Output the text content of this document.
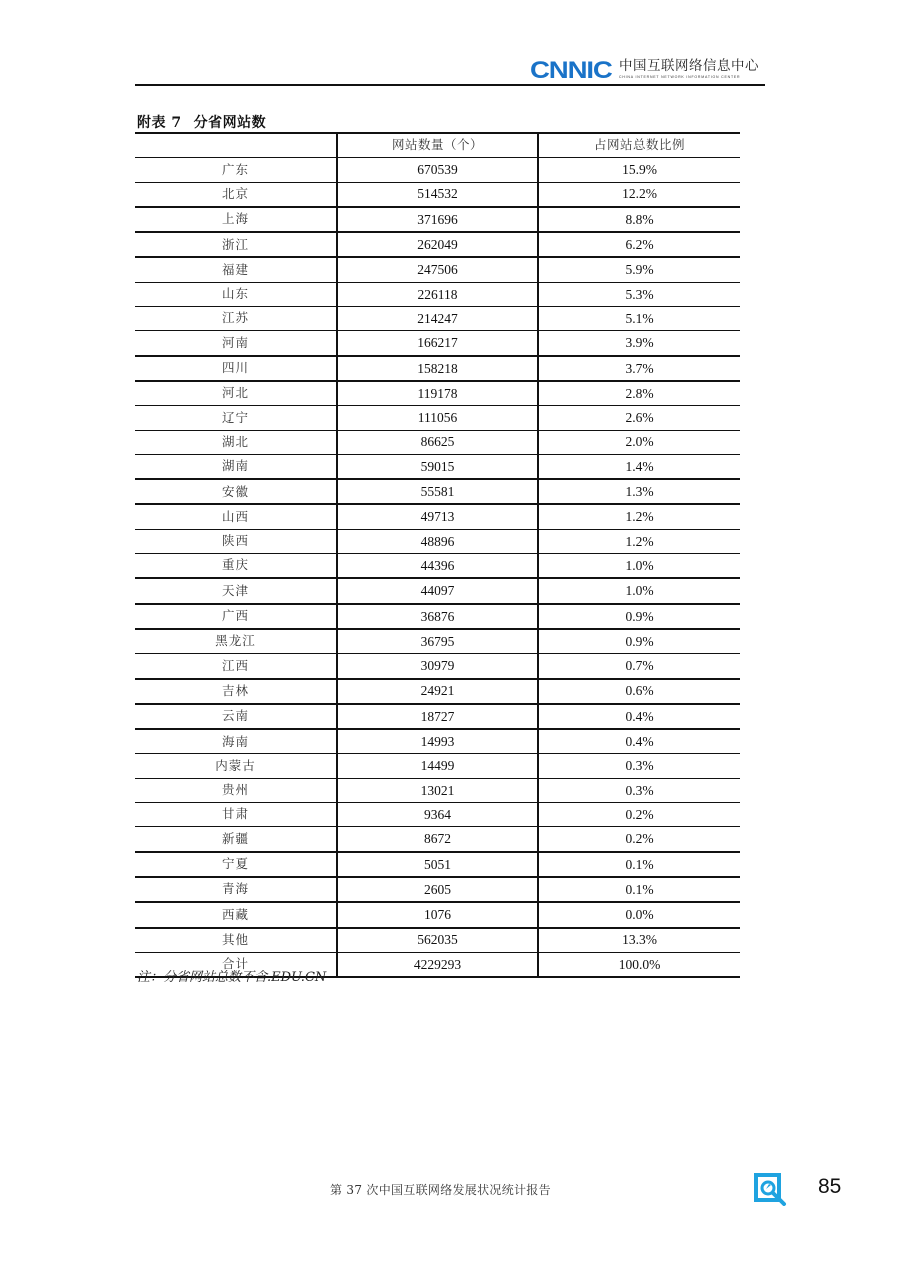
CNNIC 中国互联网络信息中心
CHINA INTERNET NETWORK INFORMATION CENTER
附表 7 分省网站数
	网站数量（个）	占网站总数比例
广东	670539	15.9%
北京	514532	12.2%
上海	371696	8.8%
浙江	262049	6.2%
福建	247506	5.9%
山东	226118	5.3%
江苏	214247	5.1%
河南	166217	3.9%
四川	158218	3.7%
河北	119178	2.8%
辽宁	111056	2.6%
湖北	86625	2.0%
湖南	59015	1.4%
安徽	55581	1.3%
山西	49713	1.2%
陕西	48896	1.2%
重庆	44396	1.0%
天津	44097	1.0%
广西	36876	0.9%
黑龙江	36795	0.9%
江西	30979	0.7%
吉林	24921	0.6%
云南	18727	0.4%
海南	14993	0.4%
内蒙古	14499	0.3%
贵州	13021	0.3%
甘肃	9364	0.2%
新疆	8672	0.2%
宁夏	5051	0.1%
青海	2605	0.1%
西藏	1076	0.0%
其他	562035	13.3%
合计	4229293	100.0%
注：分省网站总数不含.EDU.CN
第 37 次中国互联网络发展状况统计报告	85
